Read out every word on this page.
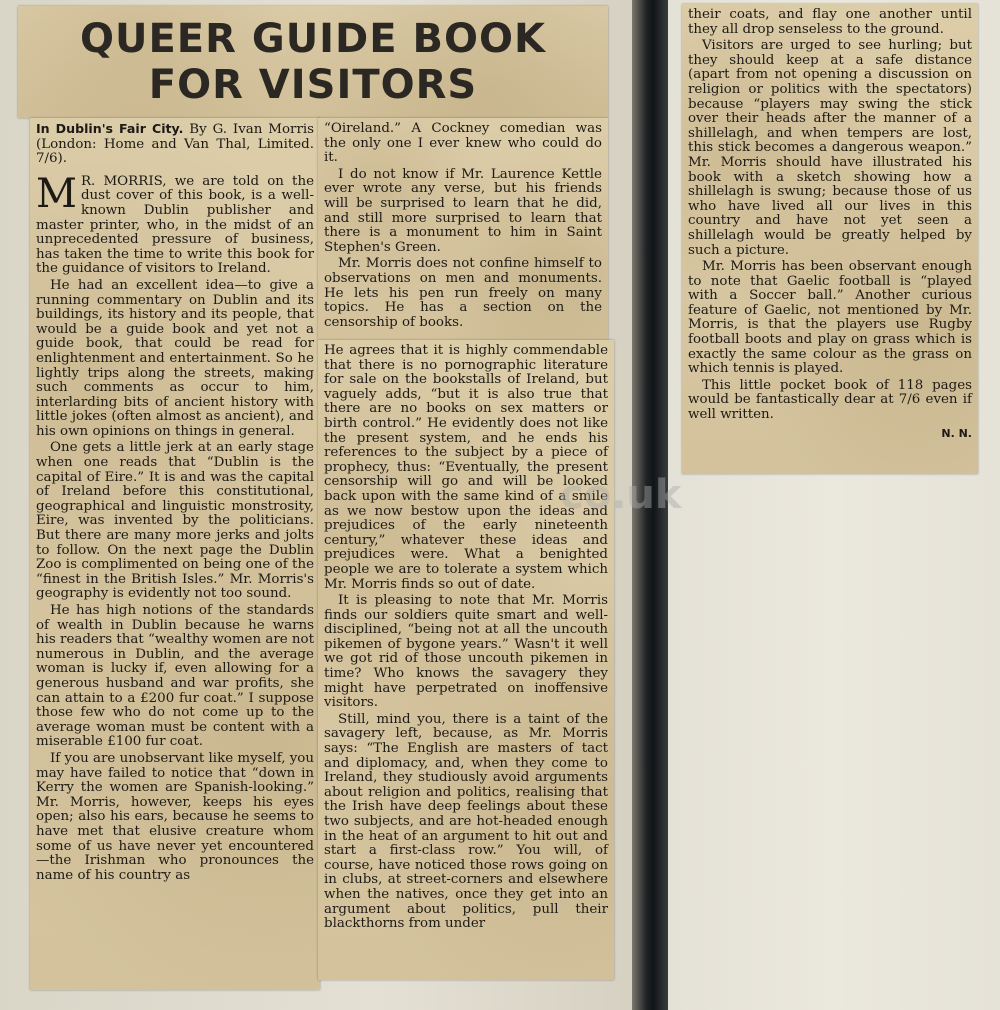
QUEER GUIDE BOOK
FOR VISITORS

In Dublin's Fair City. By G. Ivan Morris (London: Home and Van Thal, Limited. 7/6).

M R. MORRIS, we are told on the dust cover of this book, is a well-known Dublin publisher and master printer, who, in the midst of an unprecedented pressure of business, has taken the time to write this book for the guidance of visitors to Ireland.

He had an excellent idea—to give a running commentary on Dublin and its buildings, its history and its people, that would be a guide book and yet not a guide book, that could be read for enlightenment and entertainment. So he lightly trips along the streets, making such comments as occur to him, interlarding bits of ancient history with little jokes (often almost as ancient), and his own opinions on things in general.

One gets a little jerk at an early stage when one reads that “Dublin is the capital of Eire.” It is and was the capital of Ireland before this constitutional, geographical and linguistic monstrosity, Eire, was invented by the politicians. But there are many more jerks and jolts to follow. On the next page the Dublin Zoo is complimented on being one of the “finest in the British Isles.” Mr. Morris's geography is evidently not too sound.

He has high notions of the standards of wealth in Dublin because he warns his readers that “wealthy women are not numerous in Dublin, and the average woman is lucky if, even allowing for a generous husband and war profits, she can attain to a £200 fur coat.” I suppose those few who do not come up to the average woman must be content with a miserable £100 fur coat.

If you are unobservant like myself, you may have failed to notice that “down in Kerry the women are Spanish-looking.” Mr. Morris, however, keeps his eyes open; also his ears, because he seems to have met that elusive creature whom some of us have never yet encountered—the Irishman who pronounces the name of his country as

“Oireland.” A Cockney comedian was the only one I ever knew who could do it.

I do not know if Mr. Laurence Kettle ever wrote any verse, but his friends will be surprised to learn that he did, and still more surprised to learn that there is a monument to him in Saint Stephen's Green.

Mr. Morris does not confine himself to observations on men and monuments. He lets his pen run freely on many topics. He has a section on the censorship of books.

He agrees that it is highly commendable that there is no pornographic literature for sale on the bookstalls of Ireland, but vaguely adds, “but it is also true that there are no books on sex matters or birth control.” He evidently does not like the present system, and he ends his references to the subject by a piece of prophecy, thus: “Eventually, the present censorship will go and will be looked back upon with the same kind of a smile as we now bestow upon the ideas and prejudices of the early nineteenth century,” whatever these ideas and prejudices were. What a benighted people we are to tolerate a system which Mr. Morris finds so out of date.

It is pleasing to note that Mr. Morris finds our soldiers quite smart and well-disciplined, “being not at all the uncouth pikemen of bygone years.” Wasn't it well we got rid of those uncouth pikemen in time? Who knows the savagery they might have perpetrated on inoffensive visitors.

Still, mind you, there is a taint of the savagery left, because, as Mr. Morris says: “The English are masters of tact and diplomacy, and, when they come to Ireland, they studiously avoid arguments about religion and politics, realising that the Irish have deep feelings about these two subjects, and are hot-headed enough in the heat of an argument to hit out and start a first-class row.” You will, of course, have noticed those rows going on in clubs, at street-corners and elsewhere when the natives, once they get into an argument about politics, pull their blackthorns from under

their coats, and flay one another until they all drop senseless to the ground.

Visitors are urged to see hurling; but they should keep at a safe distance (apart from not opening a discussion on religion or politics with the spectators) because “players may swing the stick over their heads after the manner of a shillelagh, and when tempers are lost, this stick becomes a dangerous weapon.” Mr. Morris should have illustrated his book with a sketch showing how a shillelagh is swung; because those of us who have lived all our lives in this country and have not yet seen a shillelagh would be greatly helped by such a picture.

Mr. Morris has been observant enough to note that Gaelic football is “played with a Soccer ball.” Another curious feature of Gaelic, not mentioned by Mr. Morris, is that the players use Rugby football boots and play on grass which is exactly the same colour as the grass on which tennis is played.

This little pocket book of 118 pages would be fantastically dear at 7/6 even if well written.

N. N.
co.uk
